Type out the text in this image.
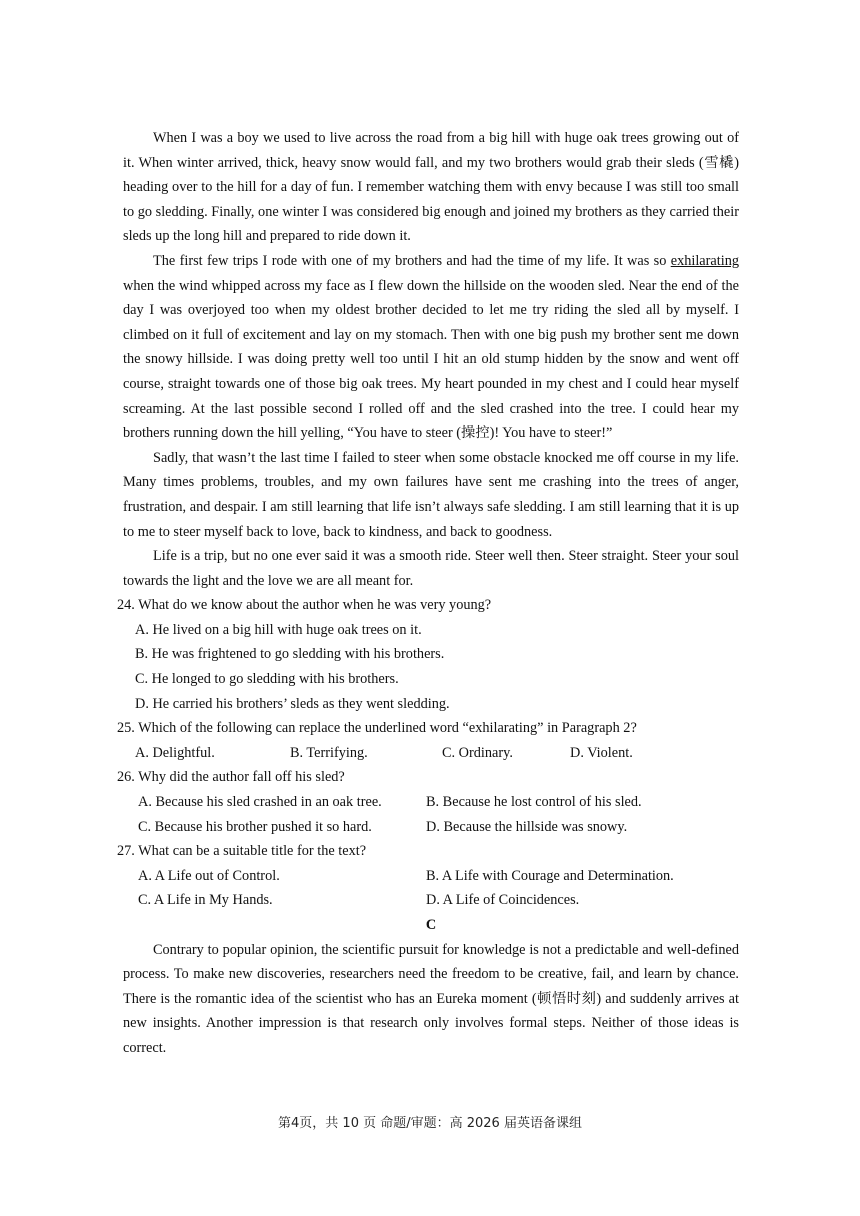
When I was a boy we used to live across the road from a big hill with huge oak trees growing out of it. When winter arrived, thick, heavy snow would fall, and my two brothers would grab their sleds (雪橇) heading over to the hill for a day of fun. I remember watching them with envy because I was still too small to go sledding. Finally, one winter I was considered big enough and joined my brothers as they carried their sleds up the long hill and prepared to ride down it.

The first few trips I rode with one of my brothers and had the time of my life. It was so exhilarating when the wind whipped across my face as I flew down the hillside on the wooden sled. Near the end of the day I was overjoyed too when my oldest brother decided to let me try riding the sled all by myself. I climbed on it full of excitement and lay on my stomach. Then with one big push my brother sent me down the snowy hillside. I was doing pretty well too until I hit an old stump hidden by the snow and went off course, straight towards one of those big oak trees. My heart pounded in my chest and I could hear myself screaming. At the last possible second I rolled off and the sled crashed into the tree. I could hear my brothers running down the hill yelling, “You have to steer (操控)! You have to steer!”

Sadly, that wasn’t the last time I failed to steer when some obstacle knocked me off course in my life. Many times problems, troubles, and my own failures have sent me crashing into the trees of anger, frustration, and despair. I am still learning that life isn’t always safe sledding. I am still learning that it is up to me to steer myself back to love, back to kindness, and back to goodness.

Life is a trip, but no one ever said it was a smooth ride. Steer well then. Steer straight. Steer your soul towards the light and the love we are all meant for.

24. What do we know about the author when he was very young?

A. He lived on a big hill with huge oak trees on it.

B. He was frightened to go sledding with his brothers.

C. He longed to go sledding with his brothers.

D. He carried his brothers’ sleds as they went sledding.

25. Which of the following can replace the underlined word “exhilarating” in Paragraph 2?

A. Delightful.	B. Terrifying.	C. Ordinary.	D. Violent.

26. Why did the author fall off his sled?

A. Because his sled crashed in an oak tree.	B. Because he lost control of his sled.
C. Because his brother pushed it so hard.	D. Because the hillside was snowy.

27. What can be a suitable title for the text?

A. A Life out of Control.	B. A Life with Courage and Determination.
C. A Life in My Hands.	D. A Life of Coincidences.

C

Contrary to popular opinion, the scientific pursuit for knowledge is not a predictable and well-defined process. To make new discoveries, researchers need the freedom to be creative, fail, and learn by chance. There is the romantic idea of the scientist who has an Eureka moment (顿悟时刻) and suddenly arrives at new insights. Another impression is that research only involves formal steps. Neither of those ideas is correct.

第4页，共 10 页 命题/审题：高 2026 届英语备课组
